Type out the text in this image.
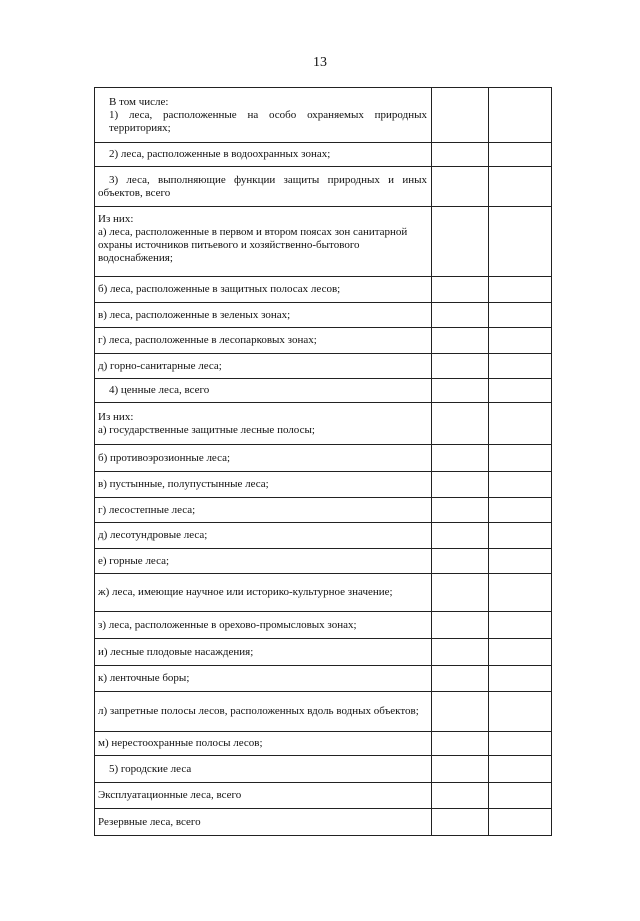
13
В том числе:
1) леса, расположенные на особо охраняемых природных территориях;		

2) леса, расположенные в водоохранных зонах;		

3) леса, выполняющие функции защиты природных и иных объектов, всего		

Из них:
а) леса, расположенные в первом и втором поясах зон санитарной охраны источников питьевого и хозяйственно-бытового водоснабжения;		

б) леса, расположенные в защитных полосах лесов;		

в) леса, расположенные в зеленых зонах;		

г) леса, расположенные в лесопарковых зонах;		

д) горно-санитарные леса;		

4) ценные леса, всего		

Из них:
а) государственные защитные лесные полосы;		

б) противоэрозионные леса;		

в) пустынные, полупустынные леса;		

г) лесостепные леса;		

д) лесотундровые леса;		

е) горные леса;		

ж) леса, имеющие научное или историко-культурное значение;		

з) леса, расположенные в орехово-промысловых зонах;		

и) лесные плодовые насаждения;		

к) ленточные боры;		

л) запретные полосы лесов, расположенных вдоль водных объектов;		

м) нерестоохранные полосы лесов;		

5) городские леса		

Эксплуатационные леса, всего		

Резервные леса, всего		
